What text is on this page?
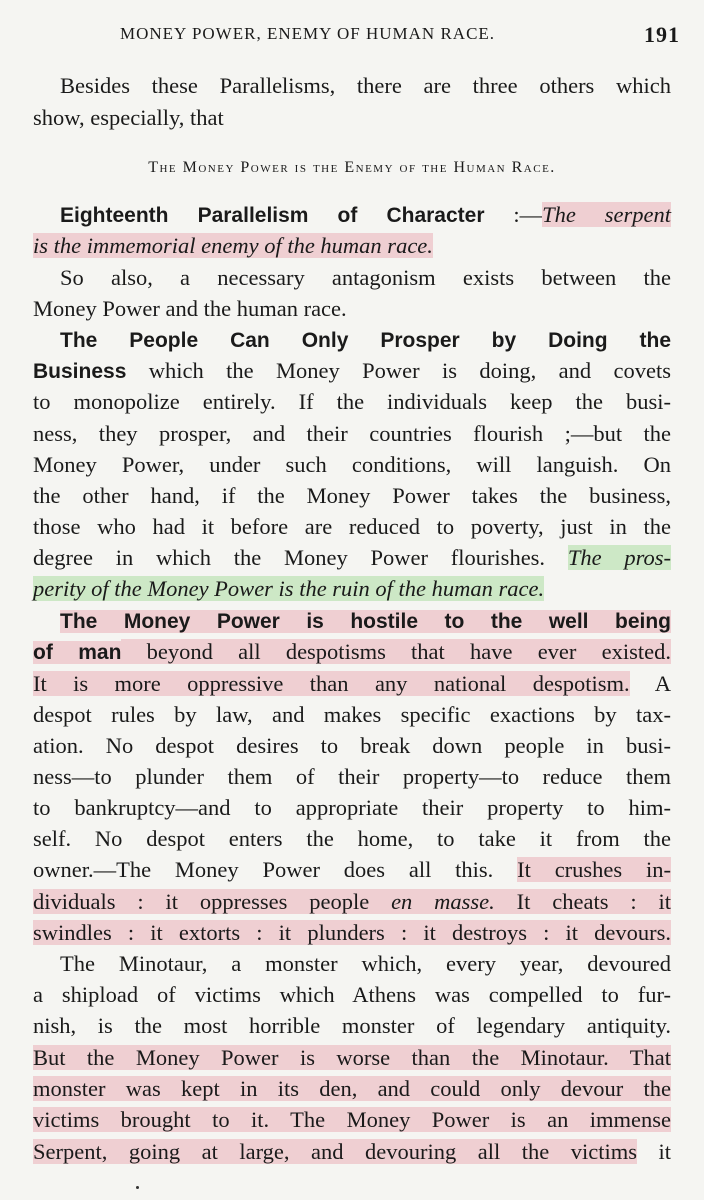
MONEY POWER, ENEMY OF HUMAN RACE.	191
Besides these Parallelisms, there are three others which
show, especially, that
The Money Power is the Enemy of the Human Race.
Eighteenth Parallelism of Character :—The serpent
is the immemorial enemy of the human race.
So also, a necessary antagonism exists between the
Money Power and the human race.
The People Can Only Prosper by Doing the
Business which the Money Power is doing, and covets
to monopolize entirely. If the individuals keep the busi-
ness, they prosper, and their countries flourish ;—but the
Money Power, under such conditions, will languish. On
the other hand, if the Money Power takes the business,
those who had it before are reduced to poverty, just in the
degree in which the Money Power flourishes. The pros-
perity of the Money Power is the ruin of the human race.
The Money Power is hostile to the well being
of man beyond all despotisms that have ever existed.
It is more oppressive than any national despotism. A
despot rules by law, and makes specific exactions by tax-
ation. No despot desires to break down people in busi-
ness—to plunder them of their property—to reduce them
to bankruptcy—and to appropriate their property to him-
self. No despot enters the home, to take it from the
owner.—The Money Power does all this. It crushes in-
dividuals : it oppresses people en masse. It cheats : it
swindles : it extorts : it plunders : it destroys : it devours.
The Minotaur, a monster which, every year, devoured
a shipload of victims which Athens was compelled to fur-
nish, is the most horrible monster of legendary antiquity.
But the Money Power is worse than the Minotaur. That
monster was kept in its den, and could only devour the
victims brought to it. The Money Power is an immense
Serpent, going at large, and devouring all the victims it
